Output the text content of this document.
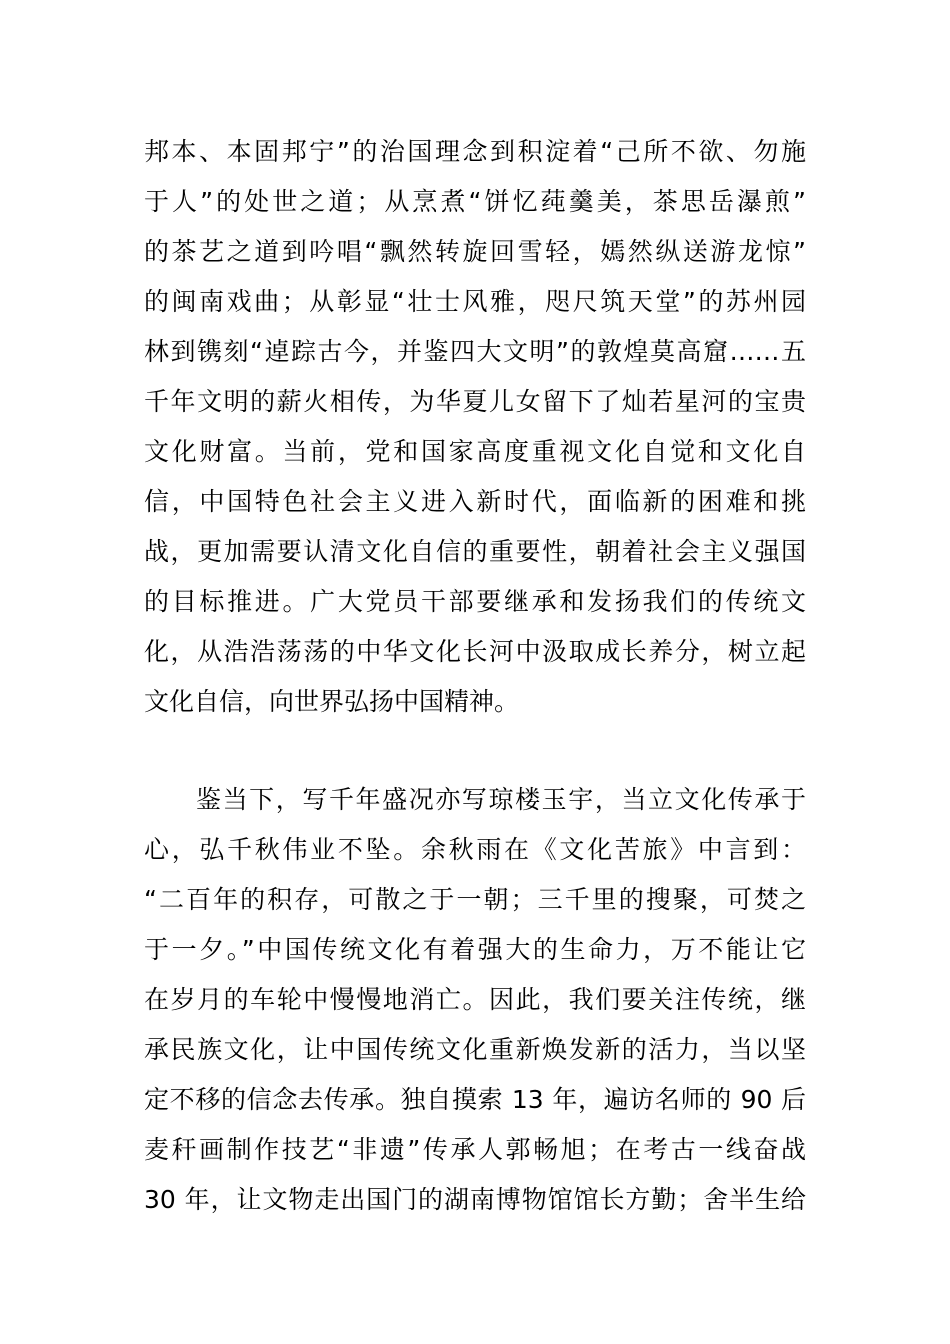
邦本、本固邦宁”的治国理念到积淀着“己所不欲、勿施
于人”的处世之道；从烹煮“饼忆莼羹美，茶思岳瀑煎”
的茶艺之道到吟唱“飘然转旋回雪轻，嫣然纵送游龙惊”
的闽南戏曲；从彰显“壮士风雅，咫尺筑天堂”的苏州园
林到镌刻“逴踪古今，并鉴四大文明”的敦煌莫高窟……五
千年文明的薪火相传，为华夏儿女留下了灿若星河的宝贵
文化财富。当前，党和国家高度重视文化自觉和文化自
信，中国特色社会主义进入新时代，面临新的困难和挑
战，更加需要认清文化自信的重要性，朝着社会主义强国
的目标推进。广大党员干部要继承和发扬我们的传统文
化，从浩浩荡荡的中华文化长河中汲取成长养分，树立起
文化自信，向世界弘扬中国精神。
鉴当下，写千年盛况亦写琼楼玉宇，当立文化传承于
心，弘千秋伟业不坠。余秋雨在《文化苦旅》中言到：
“二百年的积存，可散之于一朝；三千里的搜聚，可焚之
于一夕。”中国传统文化有着强大的生命力，万不能让它
在岁月的车轮中慢慢地消亡。因此，我们要关注传统，继
承民族文化，让中国传统文化重新焕发新的活力，当以坚
定不移的信念去传承。独自摸索 13 年，遍访名师的 90 后
麦秆画制作技艺“非遗”传承人郭畅旭；在考古一线奋战
30 年，让文物走出国门的湖南博物馆馆长方勤；舍半生给
